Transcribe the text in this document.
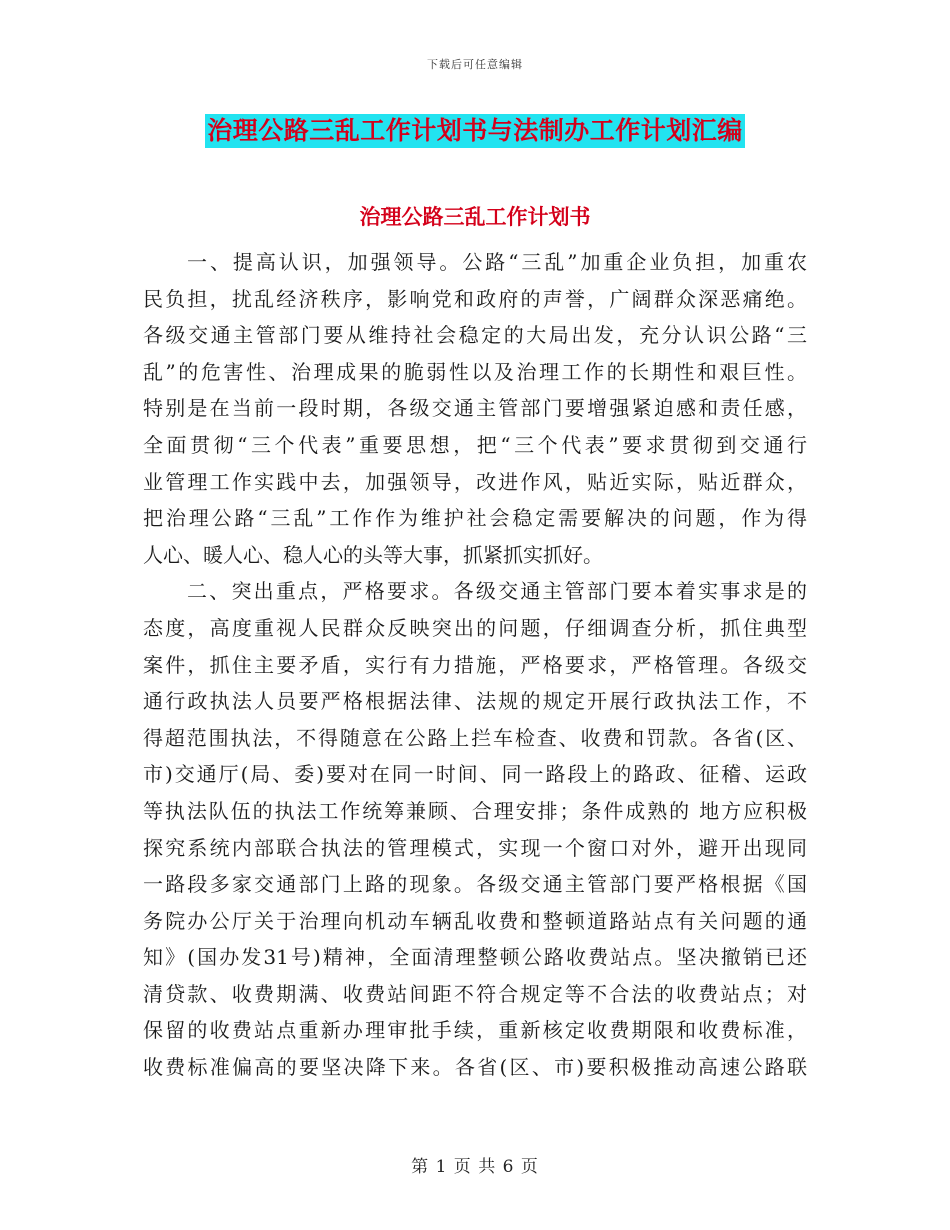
下载后可任意编辑
治理公路三乱工作计划书与法制办工作计划汇编
治理公路三乱工作计划书
一、提高认识，加强领导。公路“三乱”加重企业负担，加重农
民负担，扰乱经济秩序，影响党和政府的声誉，广阔群众深恶痛绝。
各级交通主管部门要从维持社会稳定的大局出发，充分认识公路“三
乱”的危害性、治理成果的脆弱性以及治理工作的长期性和艰巨性。
特别是在当前一段时期，各级交通主管部门要增强紧迫感和责任感，
全面贯彻“三个代表”重要思想，把“三个代表”要求贯彻到交通行
业管理工作实践中去，加强领导，改进作风，贴近实际，贴近群众，
把治理公路“三乱”工作作为维护社会稳定需要解决的问题，作为得
人心、暖人心、稳人心的头等大事，抓紧抓实抓好。
二、突出重点，严格要求。各级交通主管部门要本着实事求是的
态度，高度重视人民群众反映突出的问题，仔细调查分析，抓住典型
案件，抓住主要矛盾，实行有力措施，严格要求，严格管理。各级交
通行政执法人员要严格根据法律、法规的规定开展行政执法工作，不
得超范围执法，不得随意在公路上拦车检查、收费和罚款。各省(区、
市)交通厅(局、委)要对在同一时间、同一路段上的路政、征稽、运政
等执法队伍的执法工作统筹兼顾、合理安排；条件成熟的 地方应积极
探究系统内部联合执法的管理模式，实现一个窗口对外，避开出现同
一路段多家交通部门上路的现象。各级交通主管部门要严格根据《国
务院办公厅关于治理向机动车辆乱收费和整顿道路站点有关问题的通
知》(国办发31号)精神，全面清理整顿公路收费站点。坚决撤销已还
清贷款、收费期满、收费站间距不符合规定等不合法的收费站点；对
保留的收费站点重新办理审批手续，重新核定收费期限和收费标准，
收费标准偏高的要坚决降下来。各省(区、市)要积极推动高速公路联
第 1 页 共 6 页
